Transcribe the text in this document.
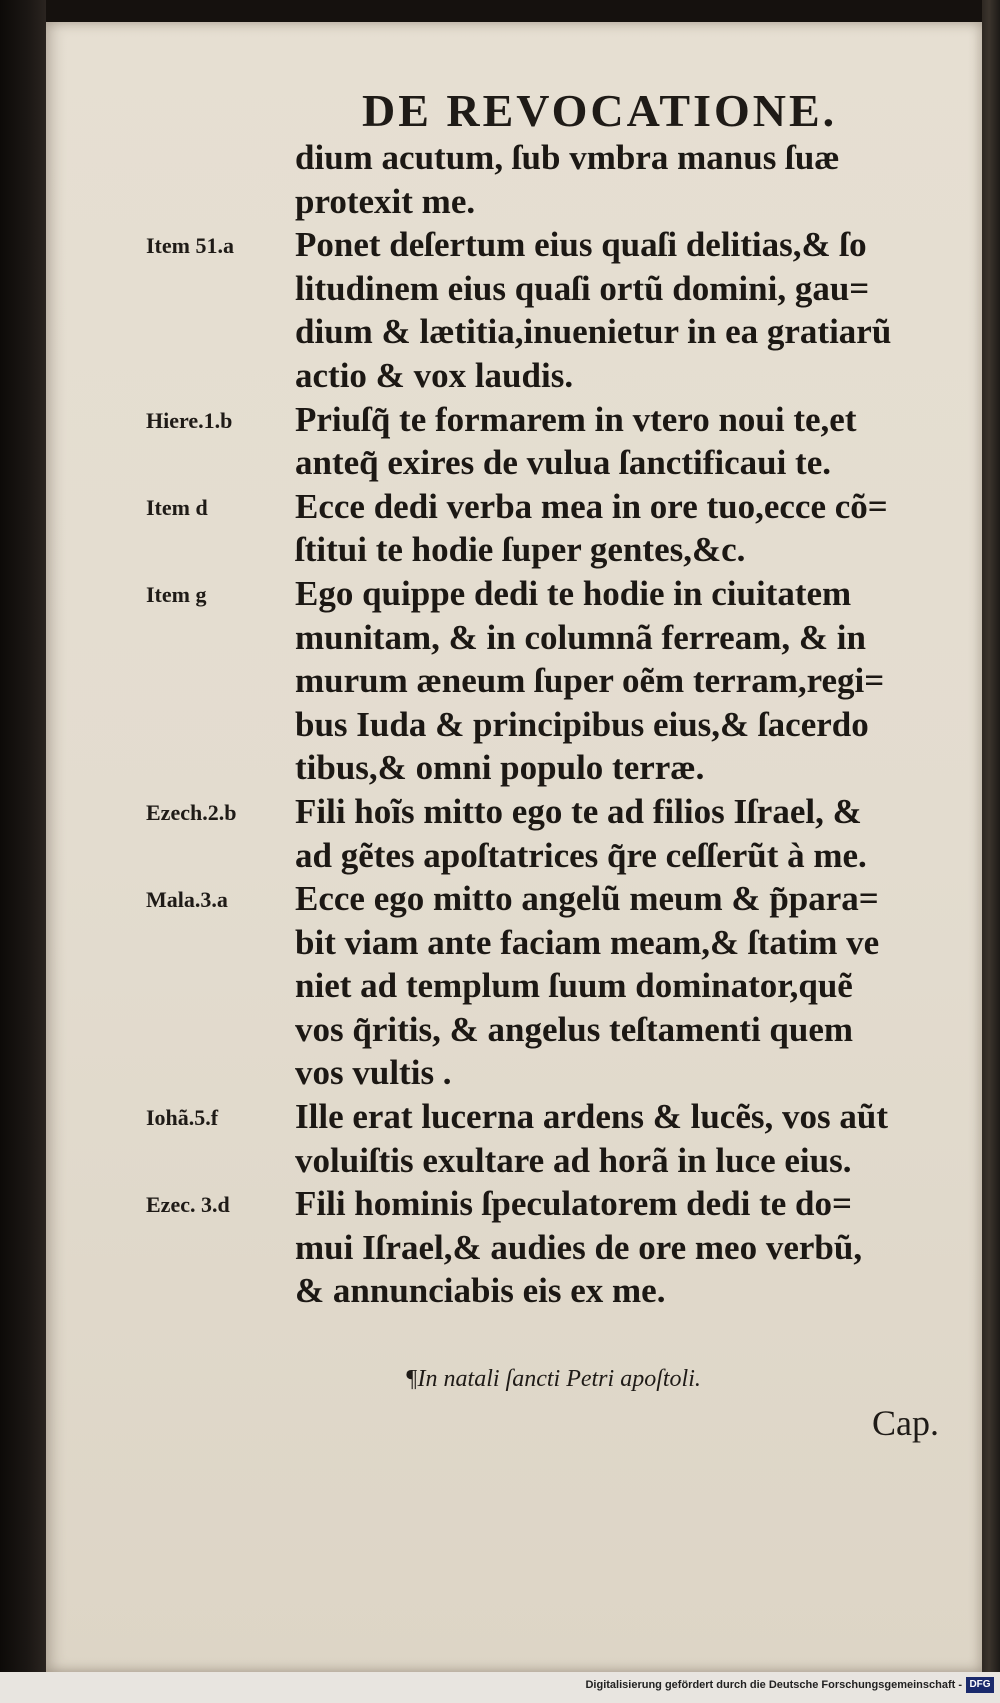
DE REVOCATIONE.
dium acutum, ſub vmbra manus ſuæ
protexit me.
Ponet deſertum eius quaſi delitias,& ſo
litudinem eius quaſi ortũ domini, gau=
dium & lætitia,inuenietur in ea gratiarũ
actio & vox laudis.
Priuſq̃ te formarem in vtero noui te,et
anteq̃ exires de vulua ſanctificaui te.
Ecce dedi verba mea in ore tuo,ecce cõ=
ſtitui te hodie ſuper gentes,&c.
Ego quippe dedi te hodie in ciuitatem
munitam, & in columnã ferream, & in
murum æneum ſuper oẽm terram,regi=
bus Iuda & principibus eius,& ſacerdo
tibus,& omni populo terræ.
Fili hoĩs mitto ego te ad filios Iſrael, &
ad gẽtes apoſtatrices q̃re ceſſerũt à me.
Ecce ego mitto angelũ meum & p̃para=
bit viam ante faciam meam,& ſtatim ve
niet ad templum ſuum dominator,quẽ
vos q̃ritis, & angelus teſtamenti quem
vos vultis .
Ille erat lucerna ardens & lucẽs, vos aũt
voluiſtis exultare ad horã in luce eius.
Fili hominis ſpeculatorem dedi te do=
mui Iſrael,& audies de ore meo verbũ,
& annunciabis eis ex me.
Item 51.a
Hiere.1.b
Item d
Item g
Ezech.2.b
Mala.3.a
Iohã.5.f
Ezec. 3.d
¶In natali ſancti Petri apoſtoli.
Cap.
Digitalisierung gefördert durch die Deutsche Forschungsgemeinschaft - DFG
